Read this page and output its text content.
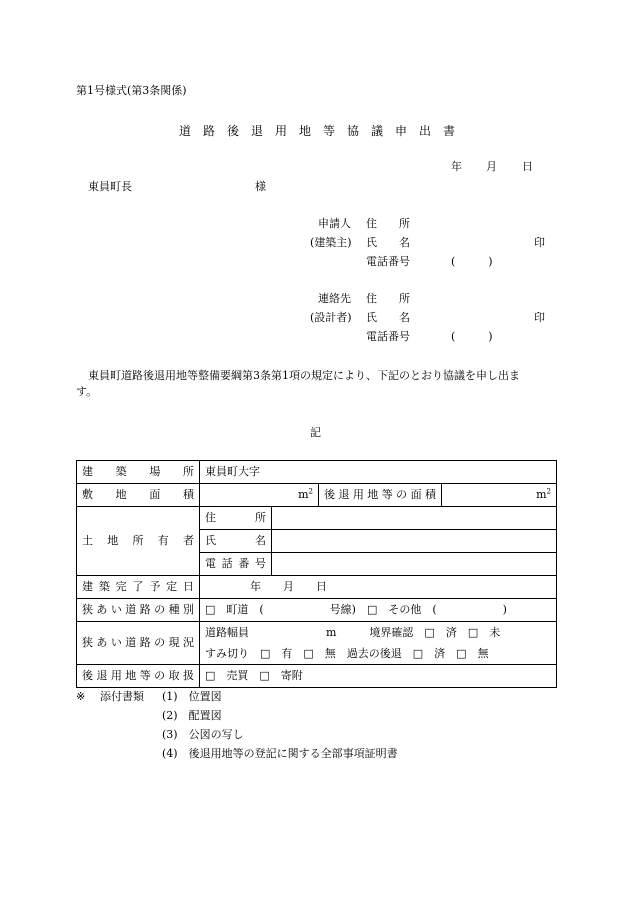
第1号様式(第3条関係)
道　路　後　退　用　地　等　協　議　申　出　書
年 月 日
東員町長	様
申請人 住　　所
(建築主) 氏　　名	印
電話番号	(　　　)
連絡先 住　　所
(設計者) 氏　　名	印
電話番号	(　　　)
東員町道路後退用地等整備要綱第3条第1項の規定により、下記のとおり協議を申し出ま
す。
記
建築場所	東員町大字			
敷地面積	$m^2$		後退用地等の面積	$m^2$
土地所有者	住所			
	氏名			
	電話番号			
建築完了予定日	年　　月　　日			
狭あい道路の種別	□　町道　(　　　　　　号線)　□　その他　(　　　　　　)			
狭あい道路の現況	道路幅員　　　　　　　m　　　境界確認　□　済　□　未
すみ切り　□　有　□　無　過去の後退　□　済　□　無			

後退用地等の取扱	□　売買　□　寄附			
※ 添付書類 (1)　位置図
(2)　配置図
(3)　公図の写し
(4)　後退用地等の登記に関する全部事項証明書
